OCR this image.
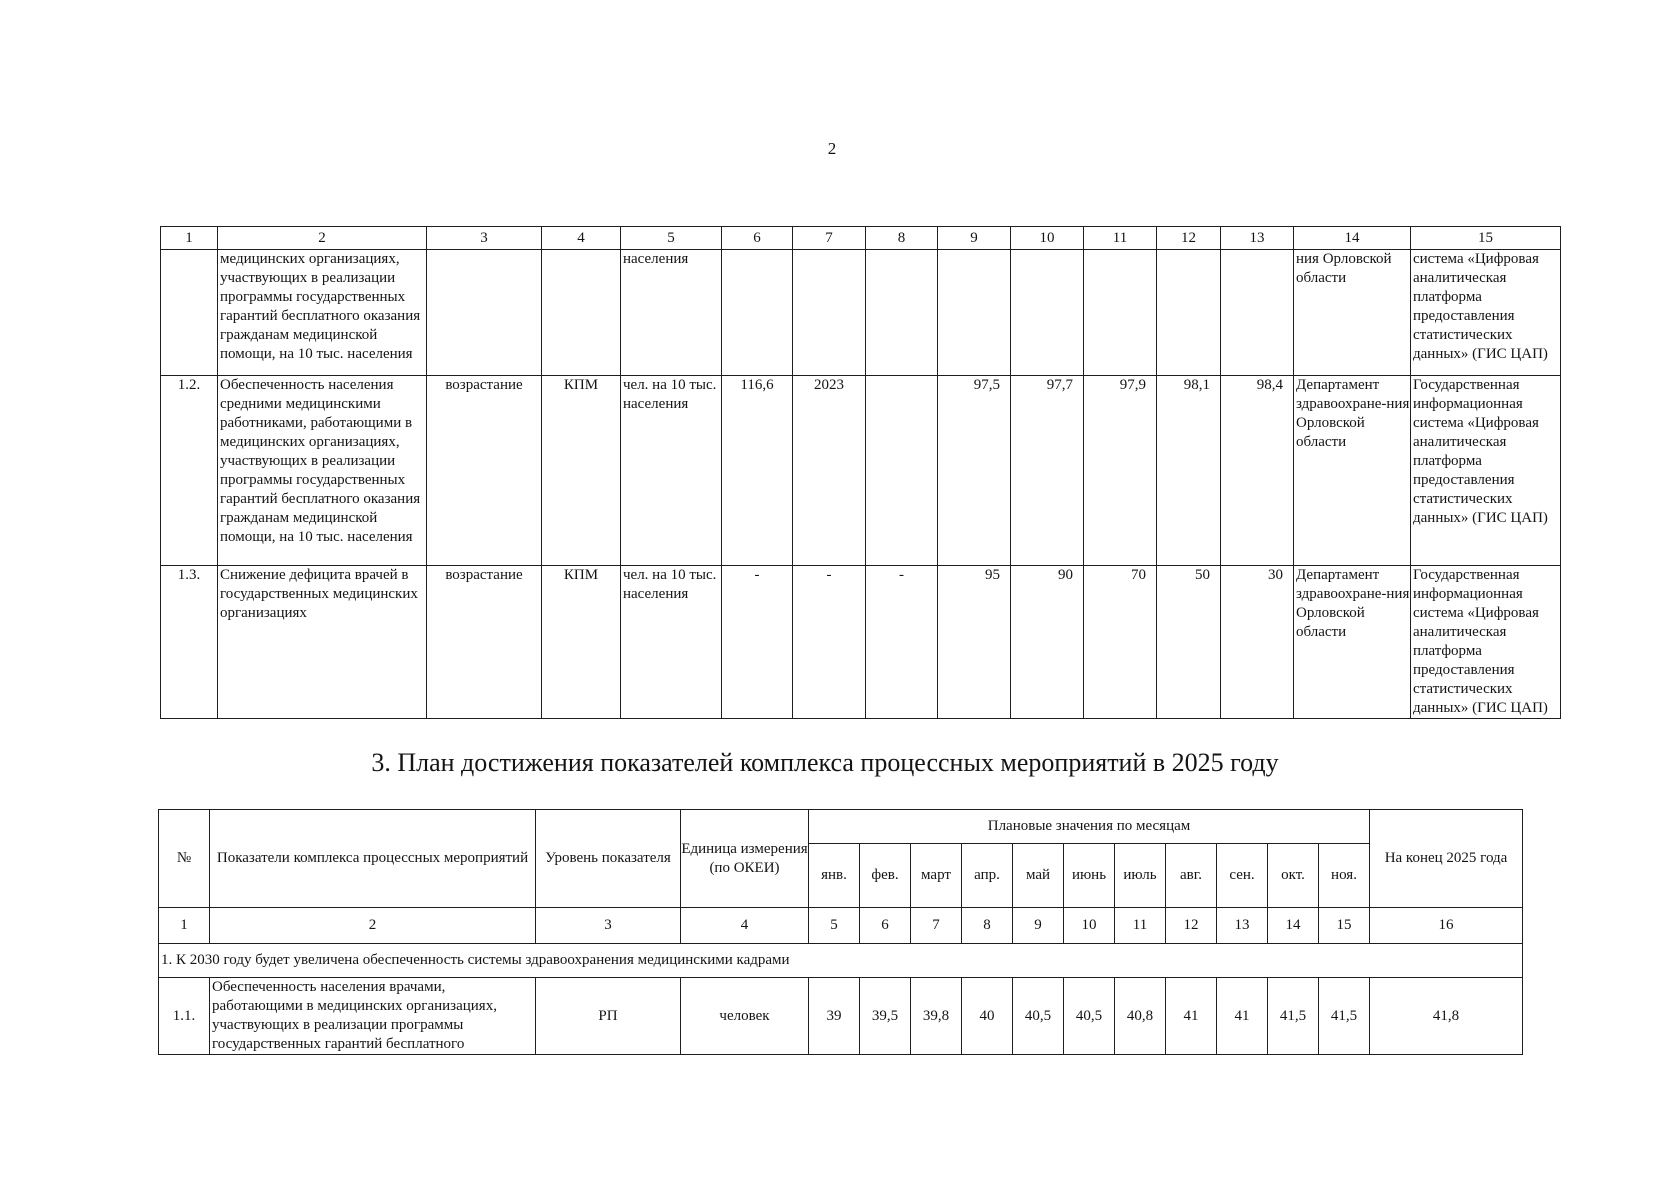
2
1	2	3	4	5	6	7	8	9	10	11	12	13	14	15
	медицинских организациях, участвующих в реализации программы государственных гарантий бесплатного оказания гражданам медицинской помощи, на 10 тыс. населения			населения									ния Орловской области	система «Цифровая аналитическая платформа предоставления статистических данных» (ГИС ЦАП)
1.2.	Обеспеченность населения средними медицинскими работниками, работающими в медицинских организациях, участвующих в реализации программы государственных гарантий бесплатного оказания гражданам медицинской помощи, на 10 тыс. населения	возрастание	КПМ	чел. на 10 тыс. населения	116,6	2023		97,5	97,7	97,9	98,1	98,4	Департамент здравоохране-ния Орловской области	Государственная информационная система «Цифровая аналитическая платформа предоставления статистических данных» (ГИС ЦАП)
1.3.	Снижение дефицита врачей в государственных медицинских организациях	возрастание	КПМ	чел. на 10 тыс. населения	-	-	-	95	90	70	50	30	Департамент здравоохране-ния Орловской области	Государственная информационная система «Цифровая аналитическая платформа предоставления статистических данных» (ГИС ЦАП)
3. План достижения показателей комплекса процессных мероприятий в 2025 году
№	Показатели комплекса процессных мероприятий	Уровень показателя	Единица измерения (по ОКЕИ)	Плановые значения по месяцам											На конец 2025 года
				янв.	фев.	март	апр.	май	июнь	июль	авг.	сен.	окт.	ноя.	
1	2	3	4	5	6	7	8	9	10	11	12	13	14	15	16
1. К 2030 году будет увеличена обеспеченность системы здравоохранения медицинскими кадрами															
1.1.	Обеспеченность населения врачами, работающими в медицинских организациях, участвующих в реализации программы государственных гарантий бесплатного	РП	человек	39	39,5	39,8	40	40,5	40,5	40,8	41	41	41,5	41,5	41,8
